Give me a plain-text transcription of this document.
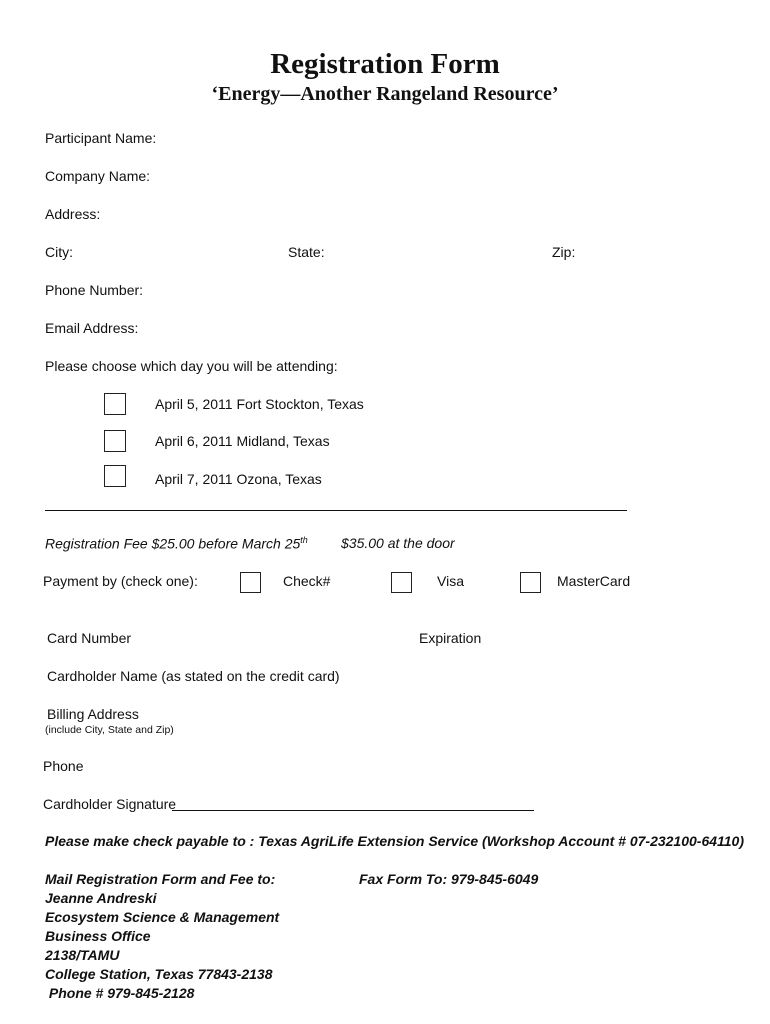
Registration Form
‘Energy—Another Rangeland Resource’
Participant Name:
Company Name:
Address:
City:	State:	Zip:
Phone Number:
Email Address:
Please choose which day you will be attending:
April 5, 2011 Fort Stockton, Texas
April 6, 2011 Midland, Texas
April 7, 2011 Ozona, Texas
Registration Fee $25.00 before March 25th $35.00 at the door
Payment by (check one):	Check#	Visa	MasterCard
Card Number	Expiration
Cardholder Name (as stated on the credit card)
Billing Address
(include City, State and Zip)
Phone
Cardholder Signature
Please make check payable to : Texas AgriLife Extension Service (Workshop Account # 07-232100-64110)
Mail Registration Form and Fee to:
Jeanne Andreski
Ecosystem Science & Management
Business Office
2138/TAMU
College Station, Texas 77843-2138
Phone # 979-845-2128
Fax Form To: 979-845-6049
